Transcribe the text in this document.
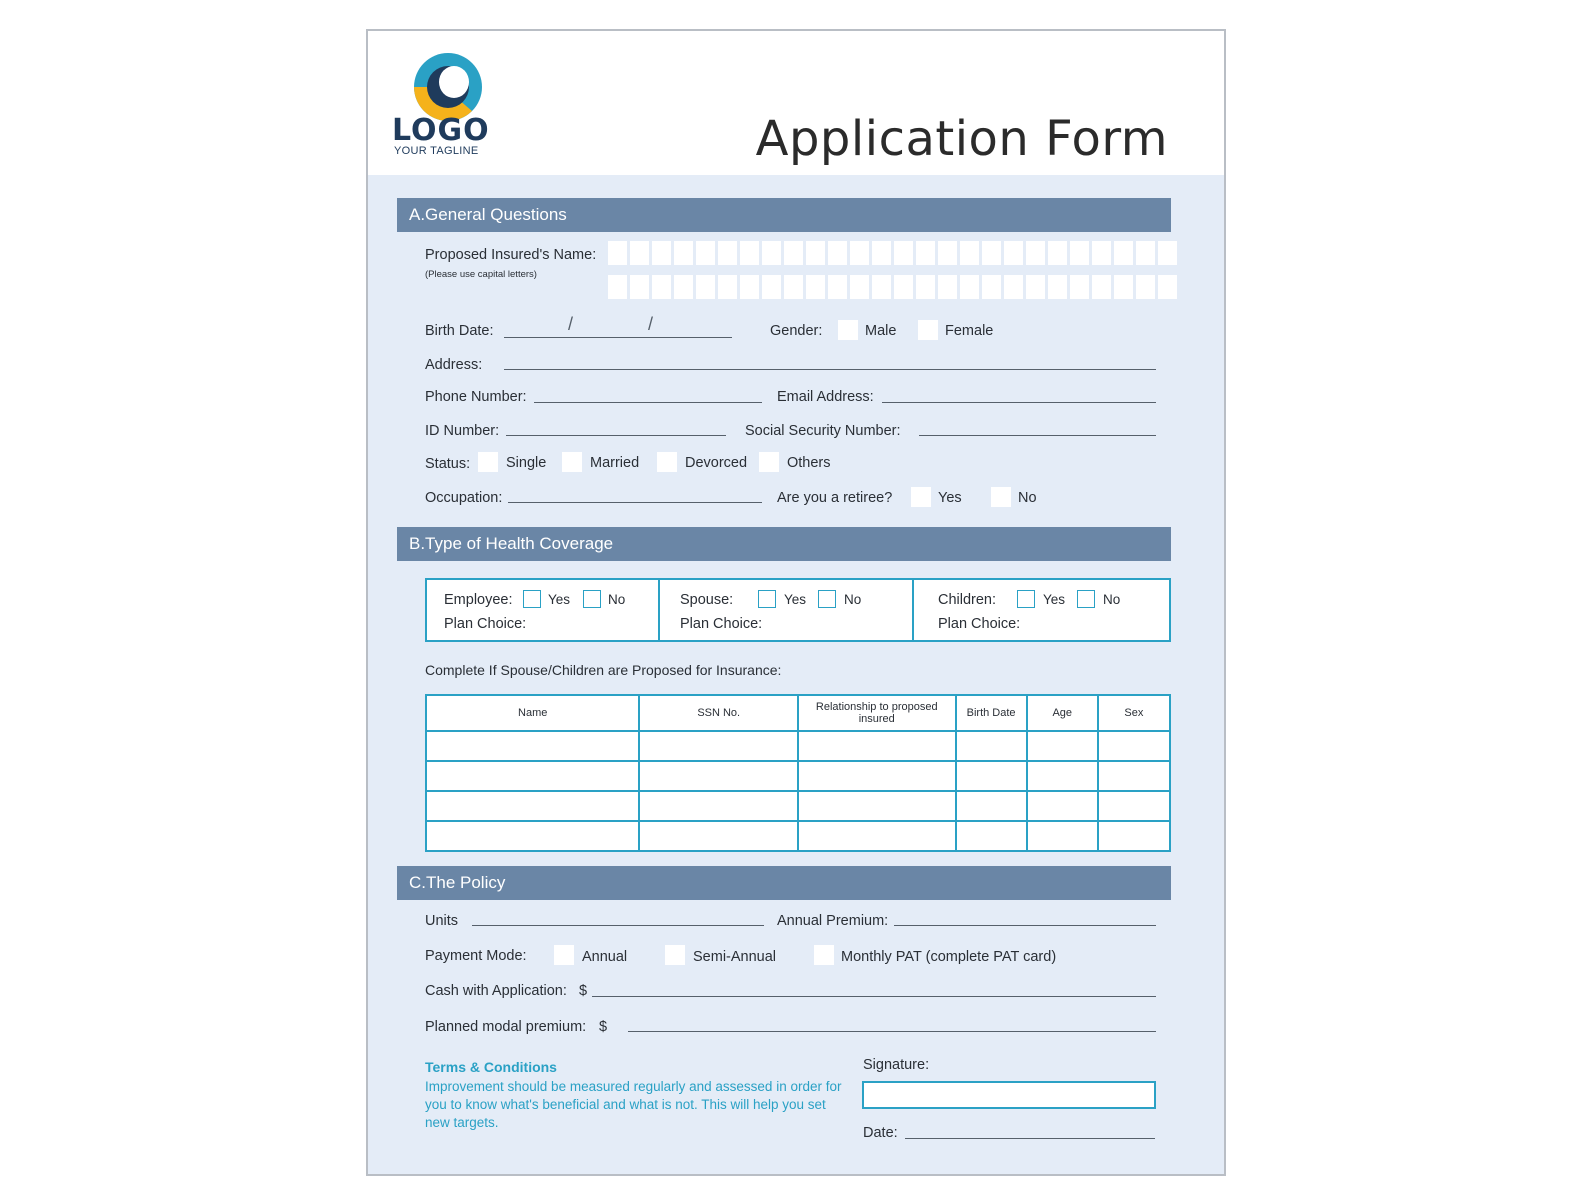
LOGO
YOUR TAGLINE	Application Form
A.General Questions
Proposed Insured's Name:
(Please use capital letters)
Birth Date:	/	/	Gender:	Male	Female
Address:
Phone Number:	Email Address:
ID Number:	Social Security Number:
Status: Single	Married	Devorced	Others
Occupation:	Are you a retiree?	Yes	No
B.Type of Health Coverage
Employee:	Yes	No
Plan Choice:
Spouse:	Yes	No
Plan Choice:
Children:	Yes	No
Plan Choice:
Complete If Spouse/Children are Proposed for Insurance:
Name	SSN No.	Relationship to proposed insured	Birth Date	Age	Sex

C.The Policy
Units	Annual Premium:
Payment Mode:	Annual	Semi-Annual	Monthly PAT (complete PAT card)
Cash with Application: $
Planned modal premium: $
Terms & Conditions
Improvement should be measured regularly and assessed in order for you to know what's beneficial and what is not. This will help you set new targets.
Signature:
Date:
